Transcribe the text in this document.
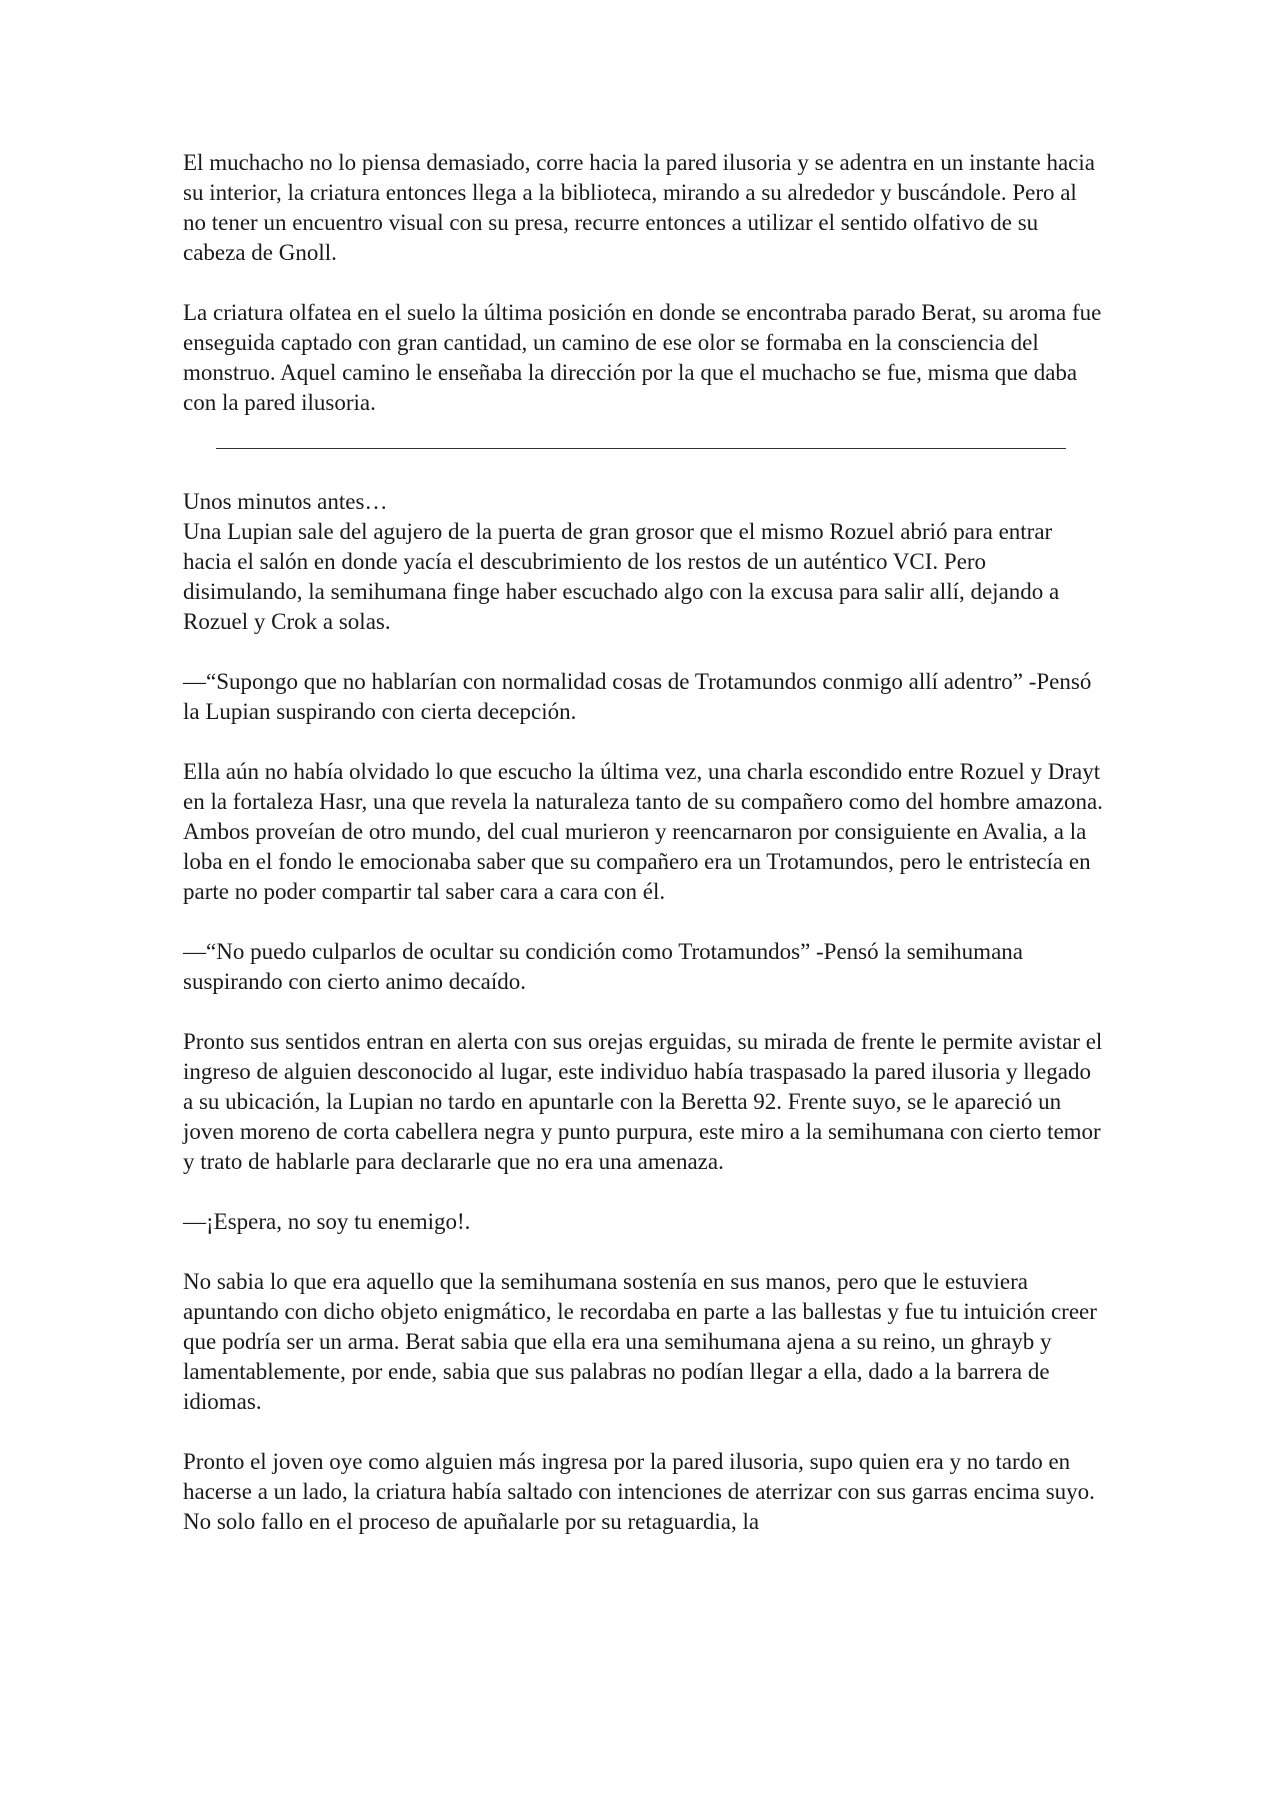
El muchacho no lo piensa demasiado, corre hacia la pared ilusoria y se adentra en un instante hacia su interior, la criatura entonces llega a la biblioteca, mirando a su alrededor y buscándole. Pero al no tener un encuentro visual con su presa, recurre entonces a utilizar el sentido olfativo de su cabeza de Gnoll.

La criatura olfatea en el suelo la última posición en donde se encontraba parado Berat, su aroma fue enseguida captado con gran cantidad, un camino de ese olor se formaba en la consciencia del monstruo. Aquel camino le enseñaba la dirección por la que el muchacho se fue, misma que daba con la pared ilusoria.

Unos minutos antes…

Una Lupian sale del agujero de la puerta de gran grosor que el mismo Rozuel abrió para entrar hacia el salón en donde yacía el descubrimiento de los restos de un auténtico VCI. Pero disimulando, la semihumana finge haber escuchado algo con la excusa para salir allí, dejando a Rozuel y Crok a solas.

—“Supongo que no hablarían con normalidad cosas de Trotamundos conmigo allí adentro” -Pensó la Lupian suspirando con cierta decepción.

Ella aún no había olvidado lo que escucho la última vez, una charla escondido entre Rozuel y Drayt en la fortaleza Hasr, una que revela la naturaleza tanto de su compañero como del hombre amazona. Ambos proveían de otro mundo, del cual murieron y reencarnaron por consiguiente en Avalia, a la loba en el fondo le emocionaba saber que su compañero era un Trotamundos, pero le entristecía en parte no poder compartir tal saber cara a cara con él.

—“No puedo culparlos de ocultar su condición como Trotamundos” -Pensó la semihumana suspirando con cierto animo decaído.

Pronto sus sentidos entran en alerta con sus orejas erguidas, su mirada de frente le permite avistar el ingreso de alguien desconocido al lugar, este individuo había traspasado la pared ilusoria y llegado a su ubicación, la Lupian no tardo en apuntarle con la Beretta 92. Frente suyo, se le apareció un joven moreno de corta cabellera negra y punto purpura, este miro a la semihumana con cierto temor y trato de hablarle para declararle que no era una amenaza.

—¡Espera, no soy tu enemigo!.

No sabia lo que era aquello que la semihumana sostenía en sus manos, pero que le estuviera apuntando con dicho objeto enigmático, le recordaba en parte a las ballestas y fue tu intuición creer que podría ser un arma. Berat sabia que ella era una semihumana ajena a su reino, un ghrayb y lamentablemente, por ende, sabia que sus palabras no podían llegar a ella, dado a la barrera de idiomas.

Pronto el joven oye como alguien más ingresa por la pared ilusoria, supo quien era y no tardo en hacerse a un lado, la criatura había saltado con intenciones de aterrizar con sus garras encima suyo. No solo fallo en el proceso de apuñalarle por su retaguardia, la
